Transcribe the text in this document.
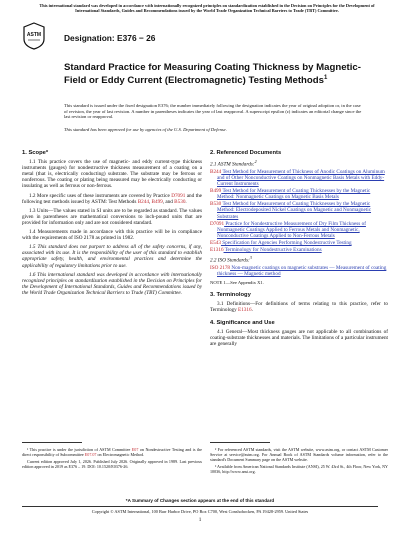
This international standard was developed in accordance with internationally recognized principles on standardization established in the Decision on Principles for the Development of International Standards, Guides and Recommendations issued by the World Trade Organization Technical Barriers to Trade (TBT) Committee.
ASTM	Designation: E376 − 26
Standard Practice for Measuring Coating Thickness by Magnetic-Field or Eddy Current (Electromagnetic) Testing Methods$^1$
This standard is issued under the fixed designation E376; the number immediately following the designation indicates the year of original adoption or, in the case of revision, the year of last revision. A number in parentheses indicates the year of last reapproval. A superscript epsilon (ε) indicates an editorial change since the last revision or reapproval.
This standard has been approved for use by agencies of the U.S. Department of Defense.
1. Scope*

1.1 This practice covers the use of magnetic- and eddy current-type thickness instruments (gauges) for nondestructive thickness measurement of a coating on a metal (that is, electrically conducting) substrate. The substrate may be ferrous or nonferrous. The coating or plating being measured may be electrically conducting or insulating as well as ferrous or non-ferrous.

1.2 More specific uses of these instruments are covered by Practice D7091 and the following test methods issued by ASTM: Test Methods B244, B499, and B530.

1.3 Units—The values stated in SI units are to be regarded as standard. The values given in parentheses are mathematical conversions to inch-pound units that are provided for information only and are not considered standard.

1.4 Measurements made in accordance with this practice will be in compliance with the requirements of ISO 2178 as printed in 1982.

1.5 This standard does not purport to address all of the safety concerns, if any, associated with its use. It is the responsibility of the user of this standard to establish appropriate safety, health, and environmental practices and determine the applicability of regulatory limitations prior to use.

1.6 This international standard was developed in accordance with internationally recognized principles on standardization established in the Decision on Principles for the Development of International Standards, Guides and Recommendations issued by the World Trade Organization Technical Barriers to Trade (TBT) Committee.

2. Referenced Documents

2.1 ASTM Standards:$^2$

B244 Test Method for Measurement of Thickness of Anodic Coatings on Aluminum and of Other Nonconductive Coatings on Nonmagnetic Basis Metals with Eddy-Current Instruments
B499 Test Method for Measurement of Coating Thicknesses by the Magnetic Method: Nonmagnetic Coatings on Magnetic Basis Metals
B530 Test Method for Measurement of Coating Thicknesses by the Magnetic Method: Electrodeposited Nickel Coatings on Magnetic and Nonmagnetic Substrates
D7091 Practice for Nondestructive Measurement of Dry Film Thickness of Nonmagnetic Coatings Applied to Ferrous Metals and Nonmagnetic, Nonconductive Coatings Applied to Non-Ferrous Metals
E543 Specification for Agencies Performing Nondestructive Testing
E1316 Terminology for Nondestructive Examinations

2.2 ISO Standards:$^3$

ISO 2178 Non-magnetic coatings on magnetic substrates — Measurement of coating thickness — Magnetic method

NOTE 1—See Appendix X1.

3. Terminology

3.1 Definitions—For definitions of terms relating to this practice, refer to Terminology E1316.

4. Significance and Use

4.1 General—Most thickness gauges are not applicable to all combinations of coating-substrate thicknesses and materials. The limitations of a particular instrument are generally

¹ This practice is under the jurisdiction of ASTM Committee E07 on Nondestructive Testing and is the direct responsibility of Subcommittee E07.07 on Electromagnetic Method.

Current edition approved July 1, 2026. Published July 2026. Originally approved in 1989. Last previous edition approved in 2019 as E376 – 19. DOI: 10.1520/E0376-26.

² For referenced ASTM standards, visit the ASTM website, www.astm.org, or contact ASTM Customer Service at service@astm.org. For Annual Book of ASTM Standards volume information, refer to the standard's Document Summary page on the ASTM website.

³ Available from American National Standards Institute (ANSI), 25 W. 43rd St., 4th Floor, New York, NY 10036, http://www.ansi.org.

*A Summary of Changes section appears at the end of this standard
Copyright © ASTM International, 100 Barr Harbor Drive, PO Box C700, West Conshohocken, PA 19428-2959. United States
1
